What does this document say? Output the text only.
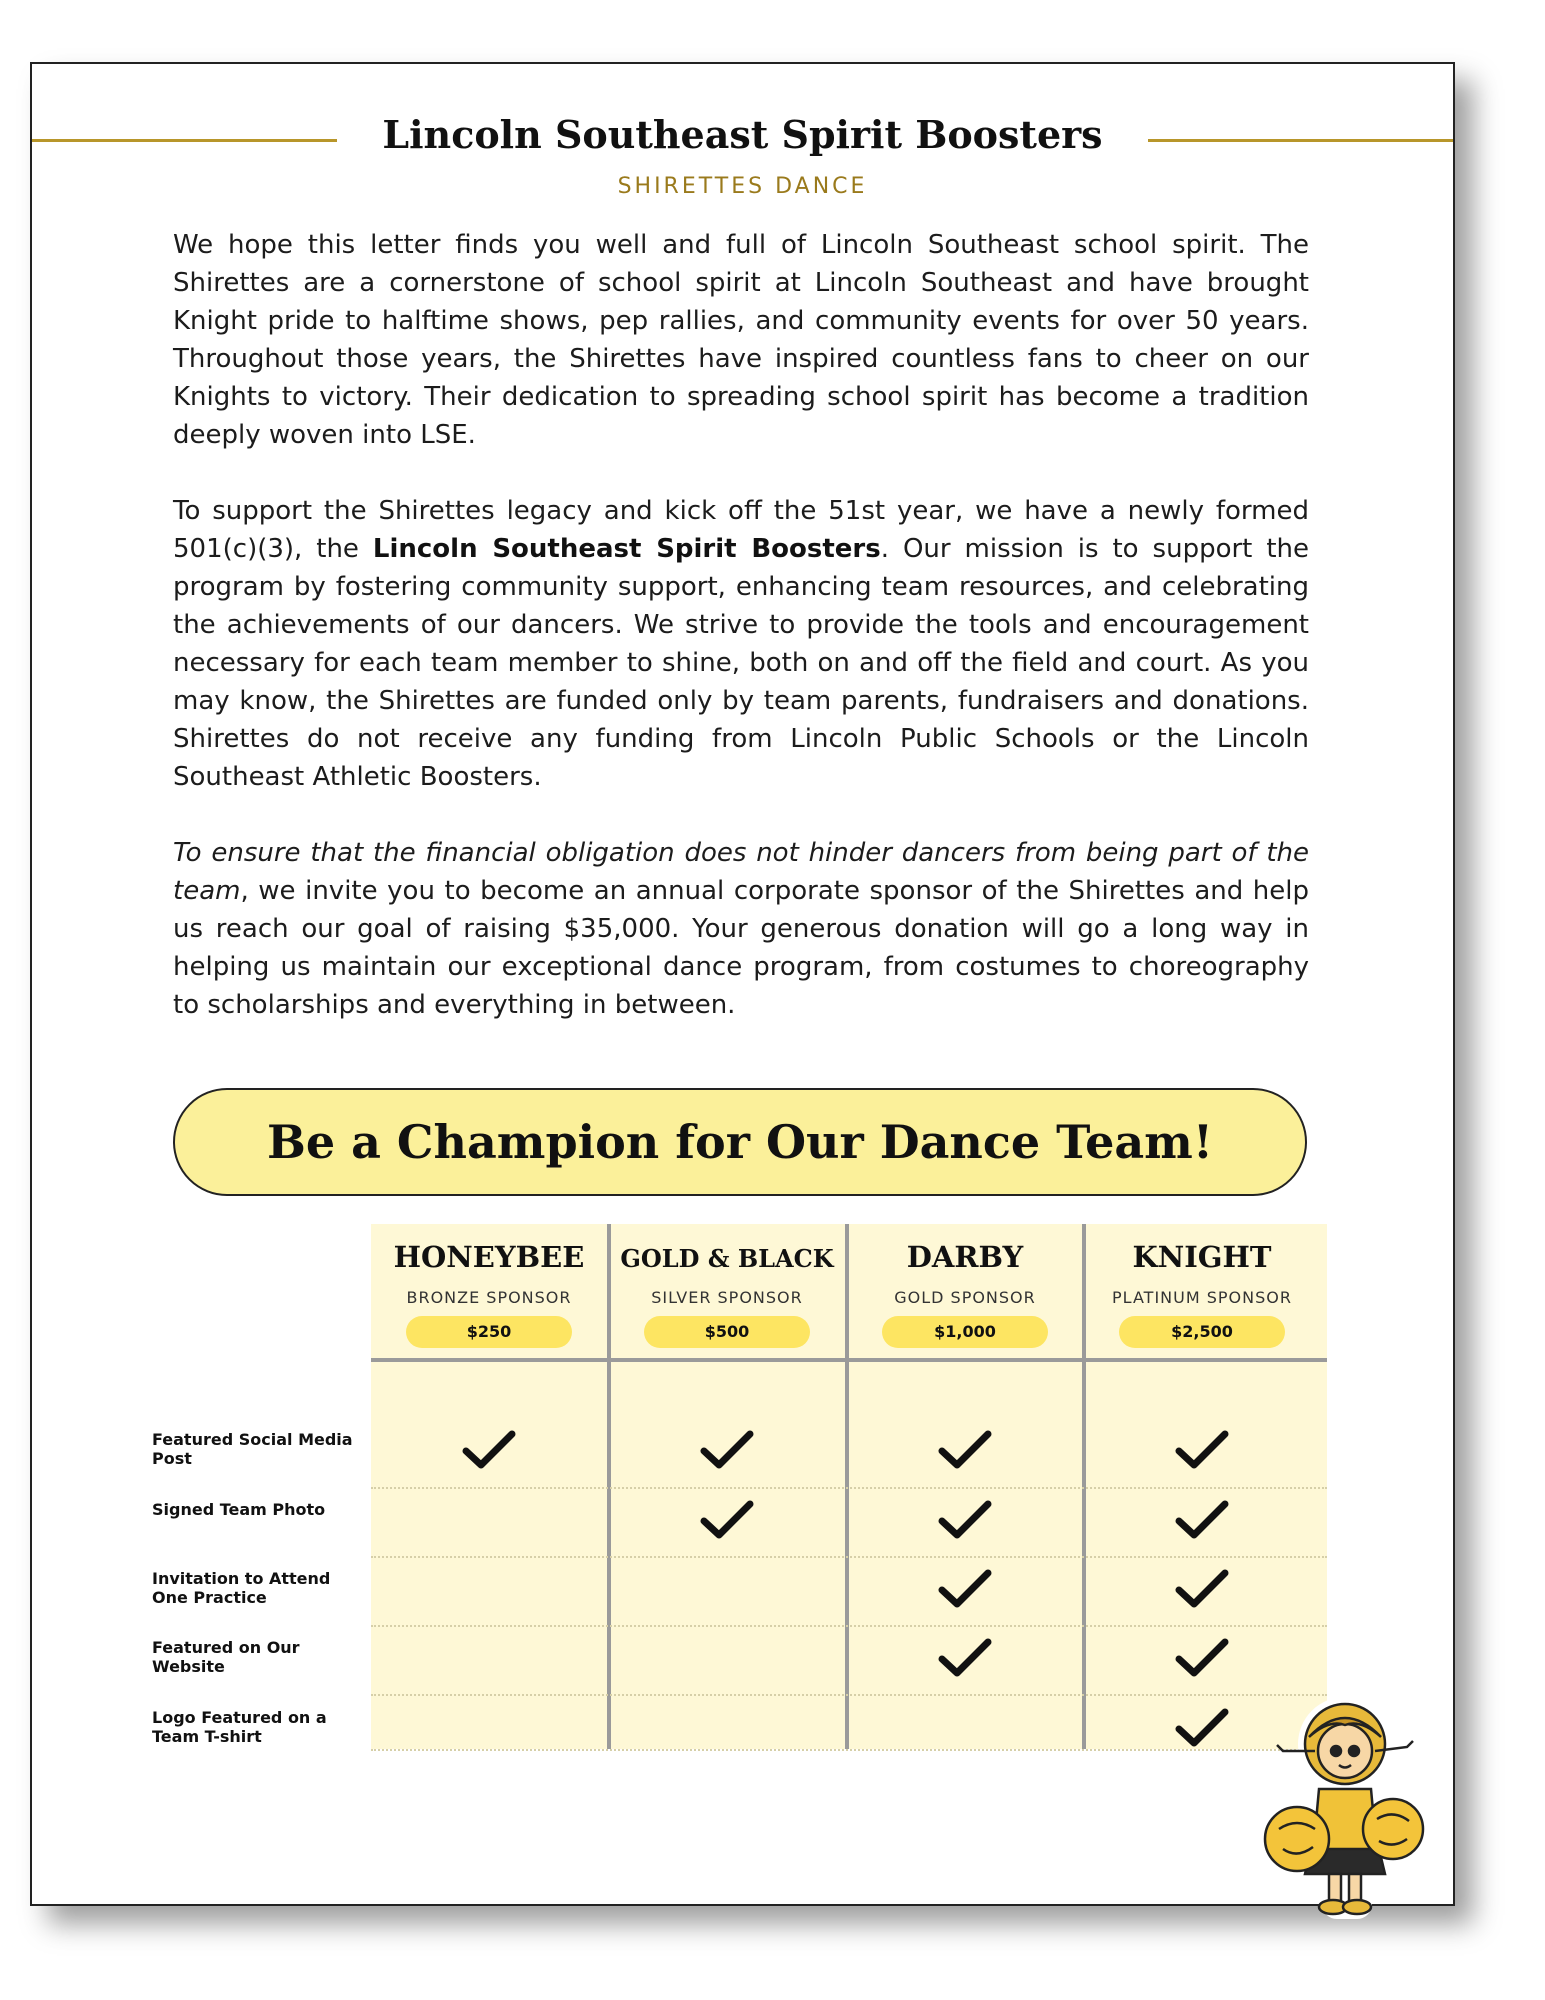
Lincoln Southeast Spirit Boosters
SHIRETTES DANCE

We hope this letter finds you well and full of Lincoln Southeast school spirit. The Shirettes are a cornerstone of school spirit at Lincoln Southeast and have brought Knight pride to halftime shows, pep rallies, and community events for over 50 years. Throughout those years, the Shirettes have inspired countless fans to cheer on our Knights to victory. Their dedication to spreading school spirit has become a tradition deeply woven into LSE.

To support the Shirettes legacy and kick off the 51st year, we have a newly formed 501(c)(3), the Lincoln Southeast Spirit Boosters. Our mission is to support the program by fostering community support, enhancing team resources, and celebrating the achievements of our dancers. We strive to provide the tools and encouragement necessary for each team member to shine, both on and off the field and court. As you may know, the Shirettes are funded only by team parents, fundraisers and donations. Shirettes do not receive any funding from Lincoln Public Schools or the Lincoln Southeast Athletic Boosters.

To ensure that the financial obligation does not hinder dancers from being part of the team, we invite you to become an annual corporate sponsor of the Shirettes and help us reach our goal of raising $35,000. Your generous donation will go a long way in helping us maintain our exceptional dance program, from costumes to choreography to scholarships and everything in between.

Be a Champion for Our Dance Team!
HONEYBEE
BRONZE SPONSOR
$250
GOLD & BLACK
SILVER SPONSOR
$500
DARBY
GOLD SPONSOR
$1,000
KNIGHT
PLATINUM SPONSOR
$2,500
Featured Social Media Post
Signed Team Photo
Invitation to Attend One Practice
Featured on Our Website
Logo Featured on a Team T-shirt
